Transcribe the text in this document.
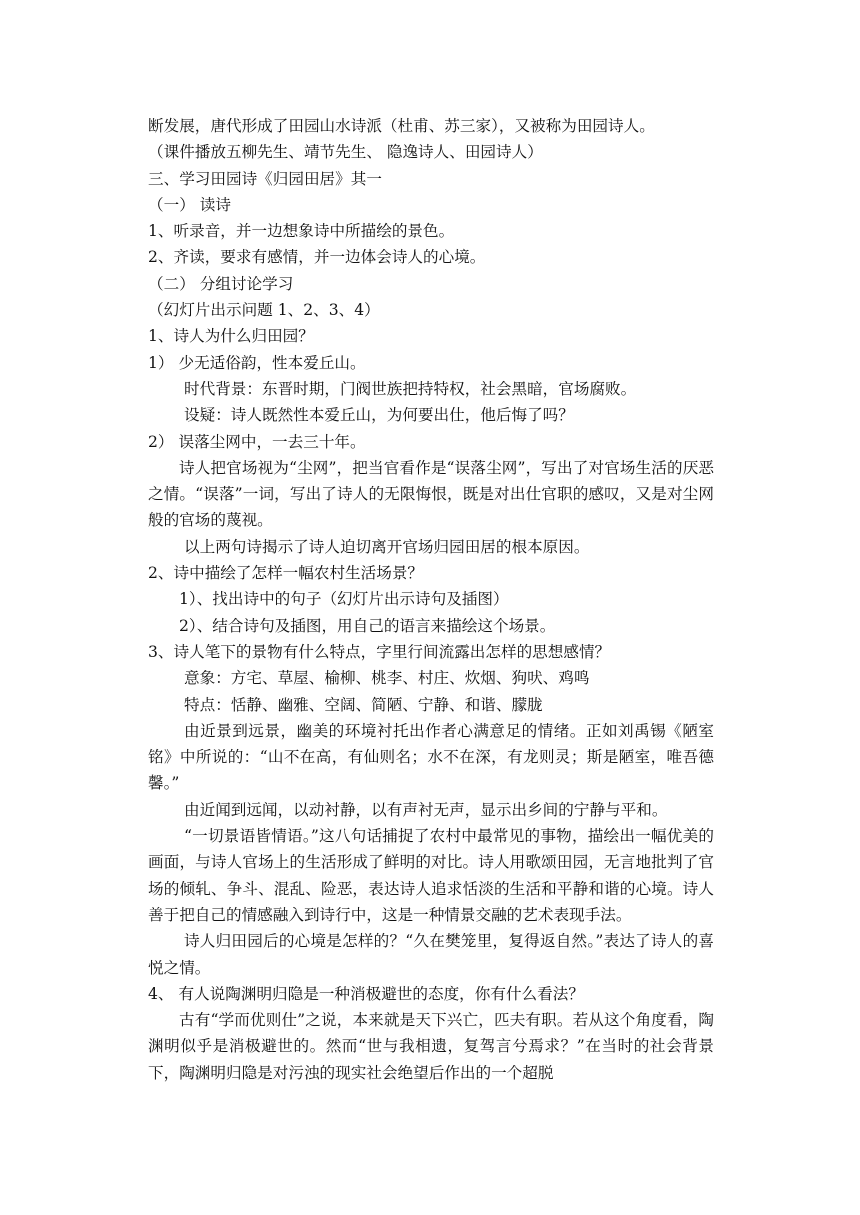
断发展，唐代形成了田园山水诗派（杜甫、苏三家），又被称为田园诗人。

（课件播放五柳先生、靖节先生、 隐逸诗人、田园诗人）

三、学习田园诗《归园田居》其一

（一） 读诗

1、听录音，并一边想象诗中所描绘的景色。

2、齐读，要求有感情，并一边体会诗人的心境。

（二） 分组讨论学习

（幻灯片出示问题 1、2、3、4）

1、诗人为什么归田园？

1） 少无适俗韵，性本爱丘山。

时代背景：东晋时期，门阀世族把持特权，社会黑暗，官场腐败。

设疑：诗人既然性本爱丘山，为何要出仕，他后悔了吗？

2） 误落尘网中，一去三十年。

诗人把官场视为“尘网”，把当官看作是“误落尘网”，写出了对官场生活的厌恶之情。“误落”一词，写出了诗人的无限悔恨，既是对出仕官职的感叹，又是对尘网般的官场的蔑视。

以上两句诗揭示了诗人迫切离开官场归园田居的根本原因。

2、诗中描绘了怎样一幅农村生活场景？

1）、找出诗中的句子（幻灯片出示诗句及插图）

2）、结合诗句及插图，用自己的语言来描绘这个场景。

3、诗人笔下的景物有什么特点，字里行间流露出怎样的思想感情？

意象：方宅、草屋、榆柳、桃李、村庄、炊烟、狗吠、鸡鸣

特点：恬静、幽雅、空阔、简陋、宁静、和谐、朦胧

由近景到远景，幽美的环境衬托出作者心满意足的情绪。正如刘禹锡《陋室铭》中所说的：“山不在高，有仙则名；水不在深，有龙则灵；斯是陋室，唯吾德馨。”

由近闻到远闻，以动衬静，以有声衬无声，显示出乡间的宁静与平和。

“一切景语皆情语。”这八句话捕捉了农村中最常见的事物，描绘出一幅优美的画面，与诗人官场上的生活形成了鲜明的对比。诗人用歌颂田园，无言地批判了官场的倾轧、争斗、混乱、险恶，表达诗人追求恬淡的生活和平静和谐的心境。诗人善于把自己的情感融入到诗行中，这是一种情景交融的艺术表现手法。

诗人归田园后的心境是怎样的？“久在樊笼里，复得返自然。”表达了诗人的喜悦之情。

4、 有人说陶渊明归隐是一种消极避世的态度，你有什么看法？

古有“学而优则仕”之说，本来就是天下兴亡，匹夫有职。若从这个角度看，陶渊明似乎是消极避世的。然而“世与我相遗，复驾言兮焉求？”在当时的社会背景下，陶渊明归隐是对污浊的现实社会绝望后作出的一个超脱
